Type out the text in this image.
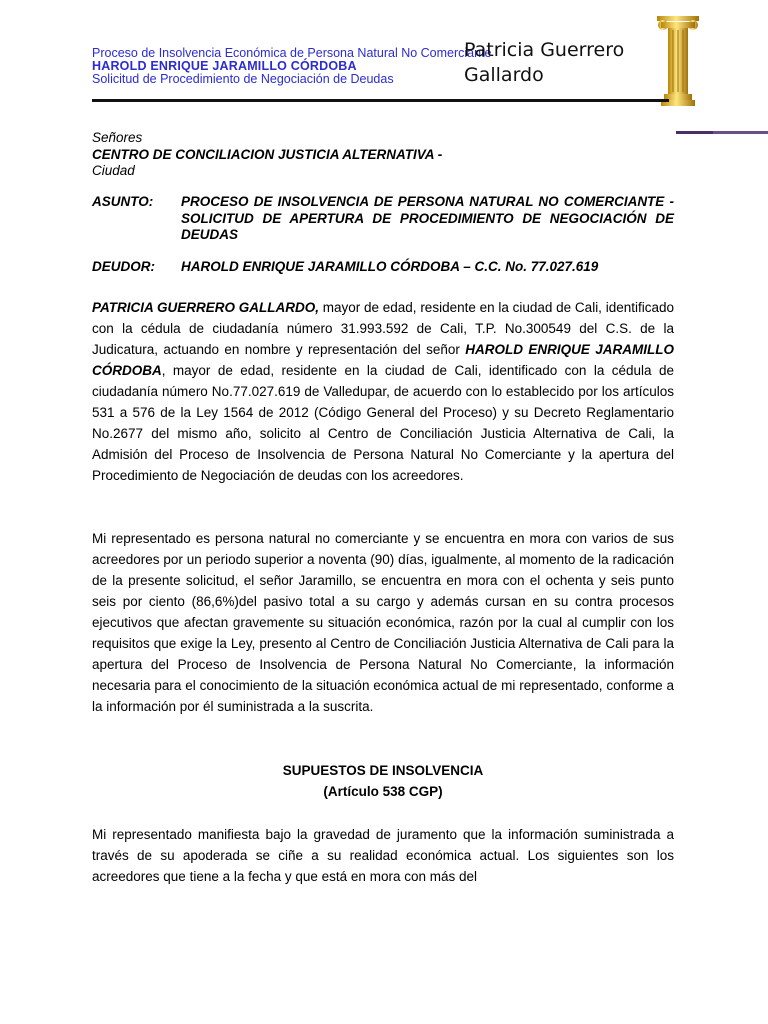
Proceso de Insolvencia Económica de Persona Natural No Comerciante
HAROLD ENRIQUE JARAMILLO CÓRDOBA
Solicitud de Procedimiento de Negociación de Deudas
Patricia Guerrero
Gallardo
Señores
CENTRO DE CONCILIACION JUSTICIA ALTERNATIVA -
Ciudad
ASUNTO: PROCESO DE INSOLVENCIA DE PERSONA NATURAL NO COMERCIANTE - SOLICITUD DE APERTURA DE PROCEDIMIENTO DE NEGOCIACIÓN DE DEUDAS
DEUDOR: HAROLD ENRIQUE JARAMILLO CÓRDOBA – C.C. No. 77.027.619
PATRICIA GUERRERO GALLARDO, mayor de edad, residente en la ciudad de Cali, identificado con la cédula de ciudadanía número 31.993.592 de Cali, T.P. No.300549 del C.S. de la Judicatura, actuando en nombre y representación del señor HAROLD ENRIQUE JARAMILLO CÓRDOBA, mayor de edad, residente en la ciudad de Cali, identificado con la cédula de ciudadanía número No.77.027.619 de Valledupar, de acuerdo con lo establecido por los artículos 531 a 576 de la Ley 1564 de 2012 (Código General del Proceso) y su Decreto Reglamentario No.2677 del mismo año, solicito al Centro de Conciliación Justicia Alternativa de Cali, la Admisión del Proceso de Insolvencia de Persona Natural No Comerciante y la apertura del Procedimiento de Negociación de deudas con los acreedores.
Mi representado es persona natural no comerciante y se encuentra en mora con varios de sus acreedores por un periodo superior a noventa (90) días, igualmente, al momento de la radicación de la presente solicitud, el señor Jaramillo, se encuentra en mora con el ochenta y seis punto seis por ciento (86,6%)del pasivo total a su cargo y además cursan en su contra procesos ejecutivos que afectan gravemente su situación económica, razón por la cual al cumplir con los requisitos que exige la Ley, presento al Centro de Conciliación Justicia Alternativa de Cali para la apertura del Proceso de Insolvencia de Persona Natural No Comerciante, la información necesaria para el conocimiento de la situación económica actual de mi representado, conforme a la información por él suministrada a la suscrita.
SUPUESTOS DE INSOLVENCIA
(Artículo 538 CGP)
Mi representado manifiesta bajo la gravedad de juramento que la información suministrada a través de su apoderada se ciñe a su realidad económica actual. Los siguientes son los acreedores que tiene a la fecha y que está en mora con más del
